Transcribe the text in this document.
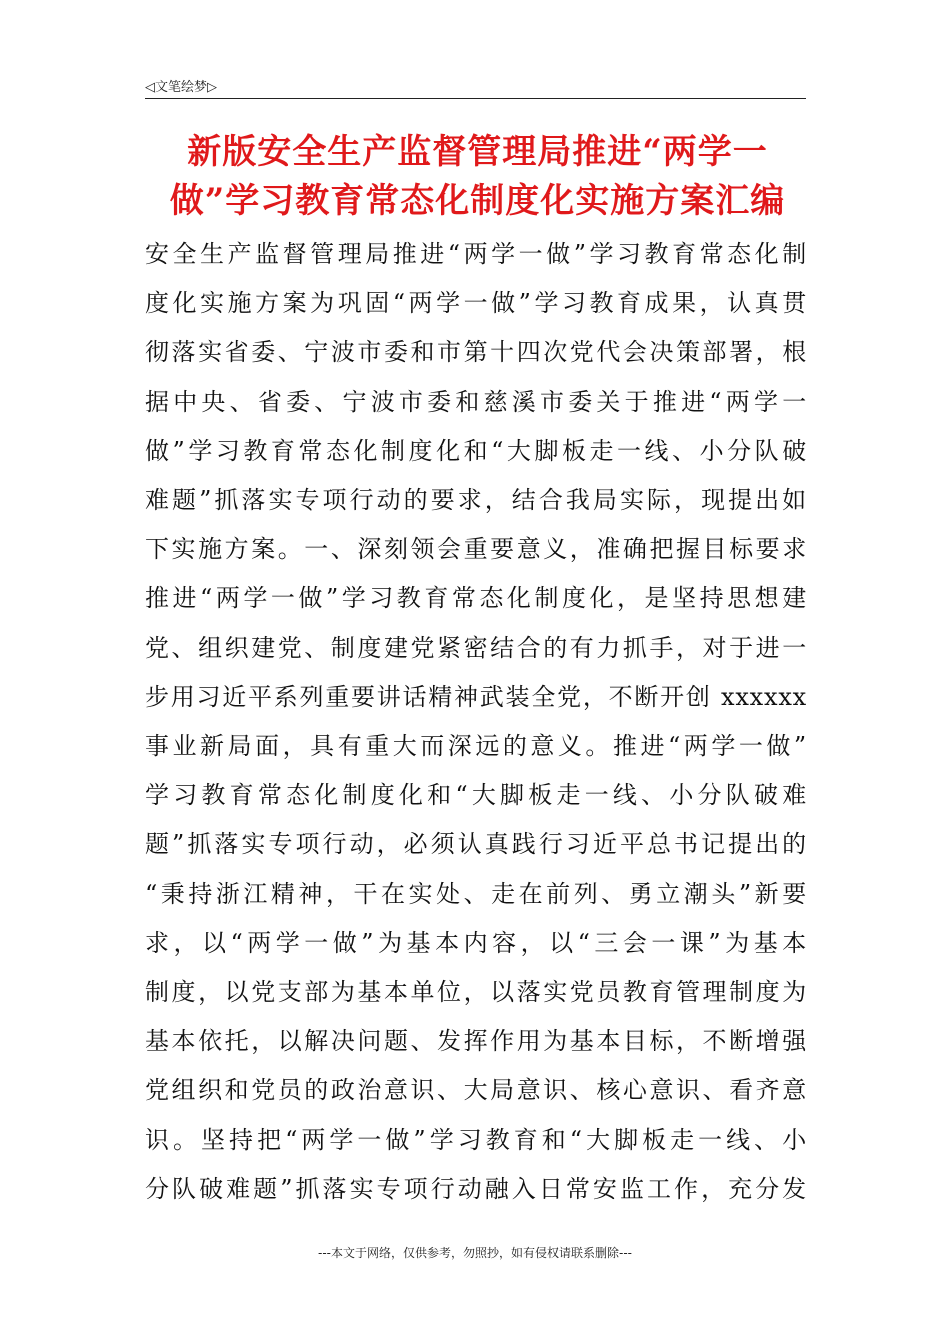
◁文笔绘梦▷
新版安全生产监督管理局推进“两学一
做”学习教育常态化制度化实施方案汇编
安全生产监督管理局推进“两学一做”学习教育常态化制
度化实施方案为巩固“两学一做”学习教育成果，认真贯
彻落实省委、宁波市委和市第十四次党代会决策部署，根
据中央、省委、宁波市委和慈溪市委关于推进“两学一
做”学习教育常态化制度化和“大脚板走一线、小分队破
难题”抓落实专项行动的要求，结合我局实际，现提出如
下实施方案。一、深刻领会重要意义，准确把握目标要求
推进“两学一做”学习教育常态化制度化，是坚持思想建
党、组织建党、制度建党紧密结合的有力抓手，对于进一
步用习近平系列重要讲话精神武装全党，不断开创 xxxxxx
事业新局面，具有重大而深远的意义。推进“两学一做”
学习教育常态化制度化和“大脚板走一线、小分队破难
题”抓落实专项行动，必须认真践行习近平总书记提出的
“秉持浙江精神，干在实处、走在前列、勇立潮头”新要
求，以“两学一做”为基本内容，以“三会一课”为基本
制度，以党支部为基本单位，以落实党员教育管理制度为
基本依托，以解决问题、发挥作用为基本目标，不断增强
党组织和党员的政治意识、大局意识、核心意识、看齐意
识。坚持把“两学一做”学习教育和“大脚板走一线、小
分队破难题”抓落实专项行动融入日常安监工作，充分发
---本文于网络，仅供参考，勿照抄，如有侵权请联系删除---
